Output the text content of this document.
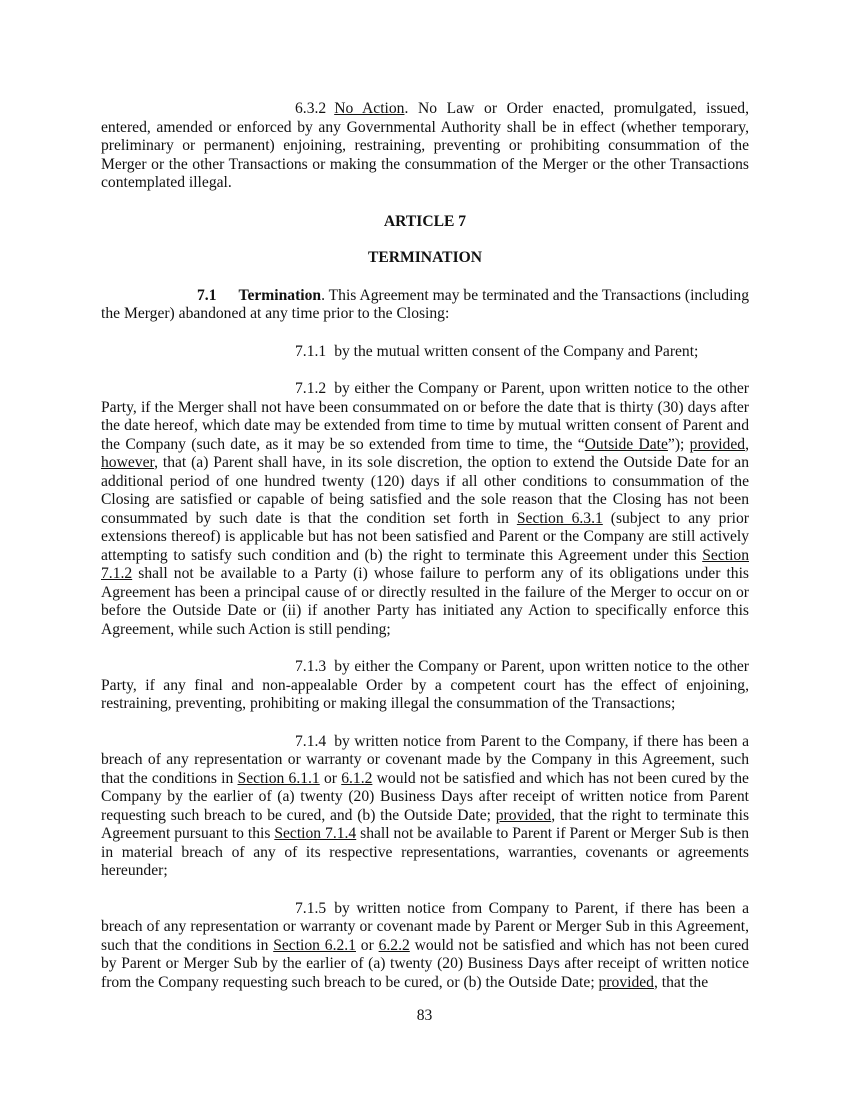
6.3.2 No Action. No Law or Order enacted, promulgated, issued, entered, amended or enforced by any Governmental Authority shall be in effect (whether temporary, preliminary or permanent) enjoining, restraining, preventing or prohibiting consummation of the Merger or the other Transactions or making the consummation of the Merger or the other Transactions contemplated illegal.

ARTICLE 7

TERMINATION

7.1 Termination. This Agreement may be terminated and the Transactions (including the Merger) abandoned at any time prior to the Closing:

7.1.1 by the mutual written consent of the Company and Parent;

7.1.2 by either the Company or Parent, upon written notice to the other Party, if the Merger shall not have been consummated on or before the date that is thirty (30) days after the date hereof, which date may be extended from time to time by mutual written consent of Parent and the Company (such date, as it may be so extended from time to time, the “Outside Date”); provided, however, that (a) Parent shall have, in its sole discretion, the option to extend the Outside Date for an additional period of one hundred twenty (120) days if all other conditions to consummation of the Closing are satisfied or capable of being satisfied and the sole reason that the Closing has not been consummated by such date is that the condition set forth in Section 6.3.1 (subject to any prior extensions thereof) is applicable but has not been satisfied and Parent or the Company are still actively attempting to satisfy such condition and (b) the right to terminate this Agreement under this Section 7.1.2 shall not be available to a Party (i) whose failure to perform any of its obligations under this Agreement has been a principal cause of or directly resulted in the failure of the Merger to occur on or before the Outside Date or (ii) if another Party has initiated any Action to specifically enforce this Agreement, while such Action is still pending;

7.1.3 by either the Company or Parent, upon written notice to the other Party, if any final and non-appealable Order by a competent court has the effect of enjoining, restraining, preventing, prohibiting or making illegal the consummation of the Transactions;

7.1.4 by written notice from Parent to the Company, if there has been a breach of any representation or warranty or covenant made by the Company in this Agreement, such that the conditions in Section 6.1.1 or 6.1.2 would not be satisfied and which has not been cured by the Company by the earlier of (a) twenty (20) Business Days after receipt of written notice from Parent requesting such breach to be cured, and (b) the Outside Date; provided, that the right to terminate this Agreement pursuant to this Section 7.1.4 shall not be available to Parent if Parent or Merger Sub is then in material breach of any of its respective representations, warranties, covenants or agreements hereunder;

7.1.5 by written notice from Company to Parent, if there has been a breach of any representation or warranty or covenant made by Parent or Merger Sub in this Agreement, such that the conditions in Section 6.2.1 or 6.2.2 would not be satisfied and which has not been cured by Parent or Merger Sub by the earlier of (a) twenty (20) Business Days after receipt of written notice from the Company requesting such breach to be cured, or (b) the Outside Date; provided, that the

83
